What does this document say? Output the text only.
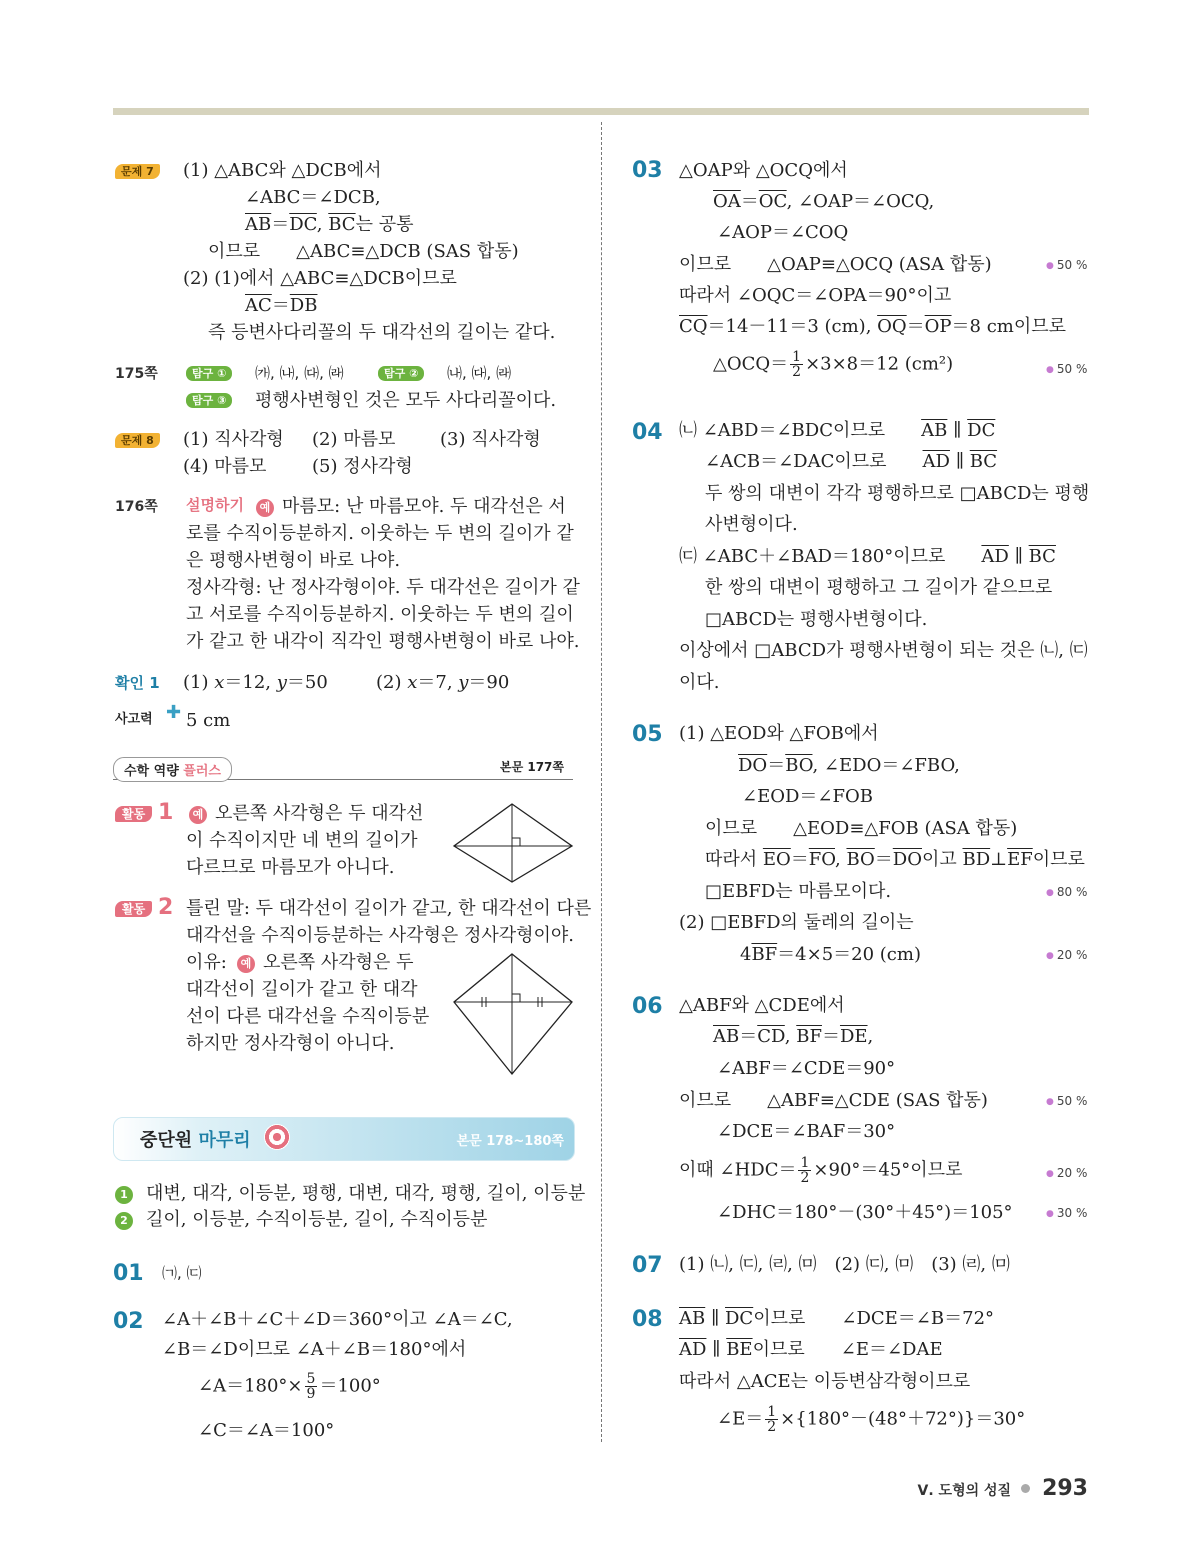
문제 7	(1) △ABC와 △DCB에서
∠ABC＝∠DCB,
$\overline{AB}=\overline{DC}$, $\overline{BC}$는 공통
이므로　　△ABC≡△DCB (SAS 합동)
(2) (1)에서 △ABC≡△DCB이므로
$\overline{AC}=\overline{DB}$
즉 등변사다리꼴의 두 대각선의 길이는 같다.
175쪽	탐구 ①	㈎, ㈏, ㈐, ㈑	탐구 ②	㈏, ㈐, ㈑
탐구 ③	평행사변형인 것은 모두 사다리꼴이다.
문제 8	(1) 직사각형 (2) 마름모 (3) 직사각형
(4) 마름모	(5) 정사각형
176쪽 설명하기	예 마름모: 난 마름모야. 두 대각선은 서
로를 수직이등분하지. 이웃하는 두 변의 길이가 같
은 평행사변형이 바로 나야.
정사각형: 난 정사각형이야. 두 대각선은 길이가 같
고 서로를 수직이등분하지. 이웃하는 두 변의 길이
가 같고 한 내각이 직각인 평행사변형이 바로 나야.
확인 1 (1) 𝑥＝12, 𝑦＝50	(2) 𝑥＝7, 𝑦＝90
사고력 ✚ 5 cm
수학 역량 플러스	본문 177쪽
활동 1	예 오른쪽 사각형은 두 대각선
이 수직이지만 네 변의 길이가
다르므로 마름모가 아니다.
활동 2 틀린 말: 두 대각선이 길이가 같고, 한 대각선이 다른
대각선을 수직이등분하는 사각형은 정사각형이야.
이유:	예 오른쪽 사각형은 두
대각선이 길이가 같고 한 대각
선이 다른 대각선을 수직이등분
하지만 정사각형이 아니다.
중단원 마무리	본문 178~180쪽
1 대변, 대각, 이등분, 평행, 대변, 대각, 평행, 길이, 이등분
2 길이, 이등분, 수직이등분, 길이, 수직이등분
01 ㈀, ㈂
02 ∠A＋∠B＋∠C＋∠D＝360°이고 ∠A＝∠C,
∠B＝∠D이므로 ∠A＋∠B＝180°에서
∠A＝180°× $\frac{5}{9} =100^\circ$
∠C＝∠A＝100°
03 △OAP와 △OCQ에서
$\overline{OA}=\overline{OC}$, ∠OAP＝∠OCQ,
∠AOP＝∠COQ
이므로　　△OAP≡△OCQ (ASA 합동)	● 50 %
따라서 ∠OQC＝∠OPA＝90°이고
$\overline{CQ}=14-11=3$ (cm), $\overline{OQ}=\overline{OP}=8$ cm이므로
△OCQ＝ $\frac{1}{2} \times 3\times 8=12$ (cm²)	● 50 %
04 ㈁ ∠ABD＝∠BDC이므로　　$\overline{AB}$ ∥ $\overline{DC}$
∠ACB＝∠DAC이므로　　$\overline{AD}$ ∥ $\overline{BC}$
두 쌍의 대변이 각각 평행하므로 □ABCD는 평행
사변형이다.
㈂ ∠ABC＋∠BAD＝180°이므로　　$\overline{AD}$ ∥ $\overline{BC}$
한 쌍의 대변이 평행하고 그 길이가 같으므로
□ABCD는 평행사변형이다.
이상에서 □ABCD가 평행사변형이 되는 것은 ㈁, ㈂
이다.
05 (1) △EOD와 △FOB에서
$\overline{DO}=\overline{BO}$, ∠EDO＝∠FBO,
∠EOD＝∠FOB
이므로　　△EOD≡△FOB (ASA 합동)
따라서 $\overline{EO}=\overline{FO}$, $\overline{BO}=\overline{DO}$이고 $\overline{BD}\perp\overline{EF}$이므로
□EBFD는 마름모이다.	● 80 %
(2) □EBFD의 둘레의 길이는
$4\overline{BF}=4\times 5=20$ (cm)	● 20 %
06 △ABF와 △CDE에서
$\overline{AB}=\overline{CD}$, $\overline{BF}=\overline{DE}$,
∠ABF＝∠CDE＝90°
이므로　　△ABF≡△CDE (SAS 합동)	● 50 %
∠DCE＝∠BAF＝30°
이때 ∠HDC＝ $\frac{1}{2} \times 90^\circ=45^\circ$이므로	● 20 %
∠DHC＝180°－(30°＋45°)＝105°	● 30 %
07 (1) ㈁, ㈂, ㈃, ㈄　(2) ㈂, ㈄　(3) ㈃, ㈄
08 $\overline{AB}$ ∥ $\overline{DC}$이므로　　∠DCE＝∠B＝72°
$\overline{AD}$ ∥ $\overline{BE}$이므로　　∠E＝∠DAE
따라서 △ACE는 이등변삼각형이므로
∠E＝ $\frac{1}{2} \times\{180^\circ-(48^\circ+72^\circ)\}=30^\circ$
Ⅴ. 도형의 성질 293
